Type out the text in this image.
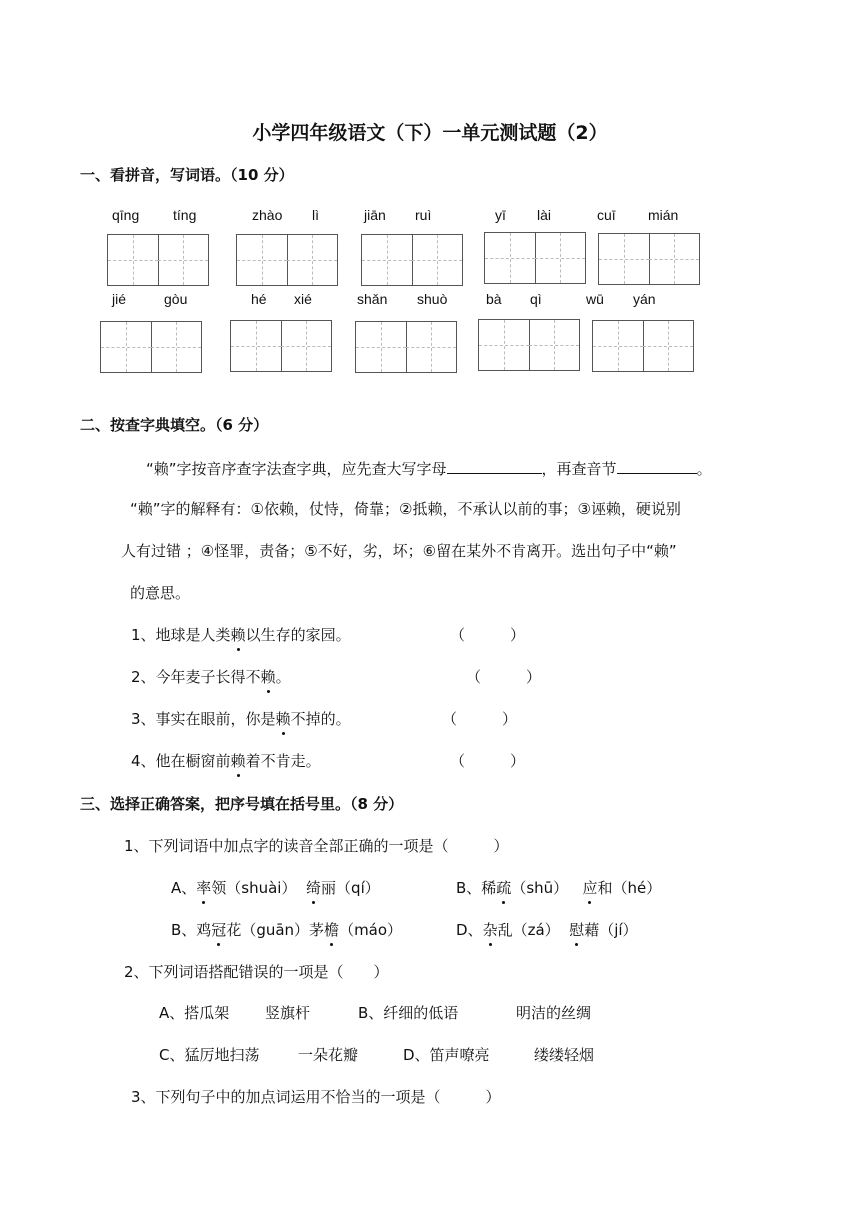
小学四年级语文（下）一单元测试题（2）
一、看拼音，写词语。（10 分）
qīng tíng	zhào lì	jiān ruì	yī lài	cuī mián
jié	gòu	hé xié	shǎn shuò	bà qì	wū yán
二、按查字典填空。（6 分）
“赖”字按音序查字法查字典，应先查大写字母	，再查音节	。
“赖”字的解释有：①依赖，仗恃，倚靠；②抵赖，不承认以前的事；③诬赖，硬说别
人有过错 ；④怪罪，责备；⑤不好，劣，坏；⑥留在某外不肯离开。选出句子中“赖”
的意思。
1、地球是人类赖以生存的家园。	（　　　）
2、今年麦子长得不赖。	（　　　）
3、事实在眼前，你是赖不掉的。	（　　　）
4、他在橱窗前赖着不肯走。	（　　　）
三、选择正确答案，把序号填在括号里。（8 分）
1、下列词语中加点字的读音全部正确的一项是（　　　）
A、率领（shuài） 绮丽（qí）	B、稀疏（shū） 应和（hé）
B、鸡冠花（guān）茅檐（máo）	D、杂乱（zá） 慰藉（jí）
2、下列词语搭配错误的一项是（　　）
A、搭瓜架 竖旗杆	B、纤细的低语	明洁的丝绸
C、猛厉地扫荡	一朵花瓣	D、笛声嘹亮	缕缕轻烟
3、下列句子中的加点词运用不恰当的一项是（　　　）
